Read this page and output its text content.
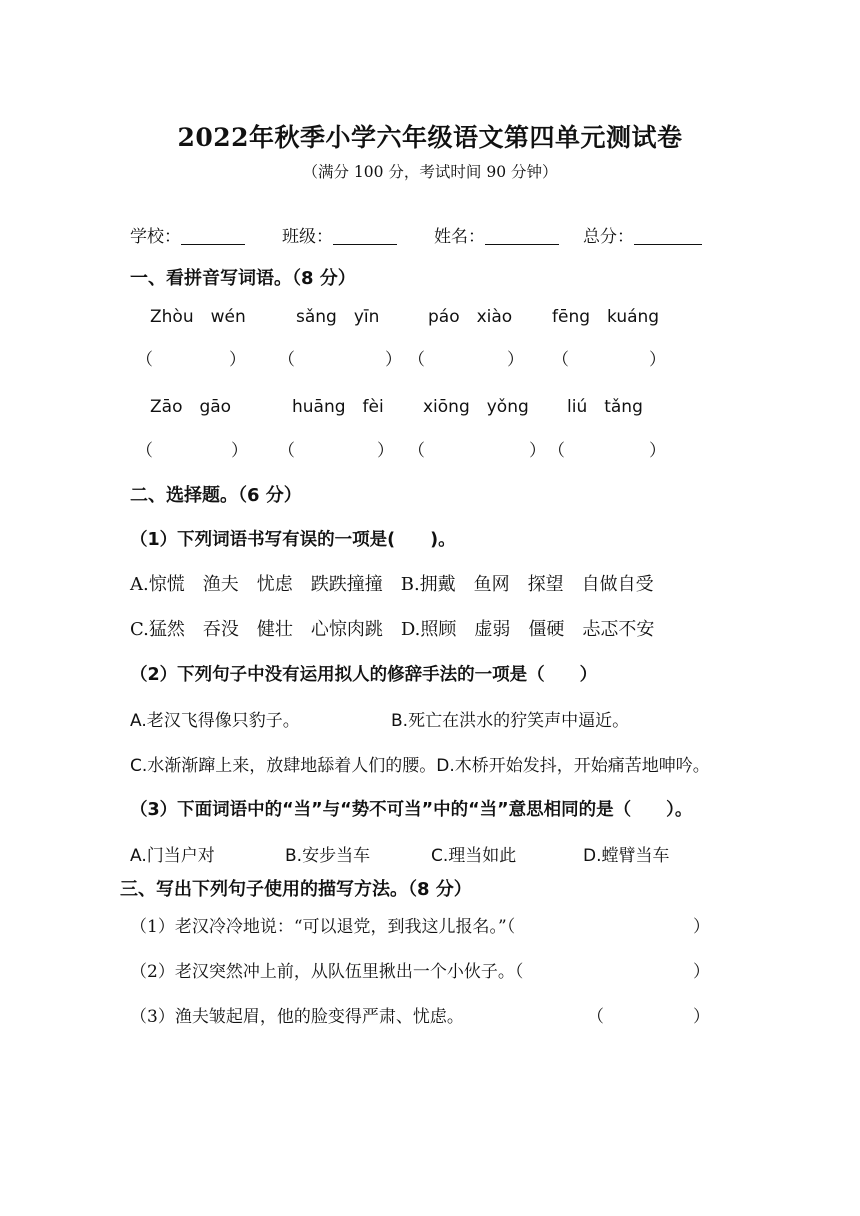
2022年秋季小学六年级语文第四单元测试卷
（满分 100 分，考试时间 90 分钟）
学校：	班级：	姓名：	总分：
一、看拼音写词语。（8 分）
Zhòu　wén	sǎng　yīn	páo　xiào fēng　kuáng
（	） （	） （	） （	）
Zāo　gāo	huāng　fèi xiōng　yǒng liú　tǎng
（	） （	） （	） （	）
二、选择题。（6 分）
（1）下列词语书写有误的一项是(　　)。
A.惊慌　渔夫　忧虑　跌跌撞撞　B.拥戴　鱼网　探望　自做自受
C.猛然　吞没　健壮　心惊肉跳　D.照顾　虚弱　僵硬　忐忑不安
（2）下列句子中没有运用拟人的修辞手法的一项是（　　）
A.老汉飞得像只豹子。	B.死亡在洪水的狞笑声中逼近。
C.水渐渐蹿上来，放肆地舔着人们的腰。D.木桥开始发抖，开始痛苦地呻吟。
（3）下面词语中的“当”与“势不可当”中的“当”意思相同的是（　　）。
A.门当户对	B.安步当车	C.理当如此	D.螳臂当车
三、写出下列句子使用的描写方法。（8 分）
（1）老汉冷冷地说：“可以退党，到我这儿报名。”（	）
（2）老汉突然冲上前，从队伍里揪出一个小伙子。（	）
（3）渔夫皱起眉，他的脸变得严肃、忧虑。	（	）
